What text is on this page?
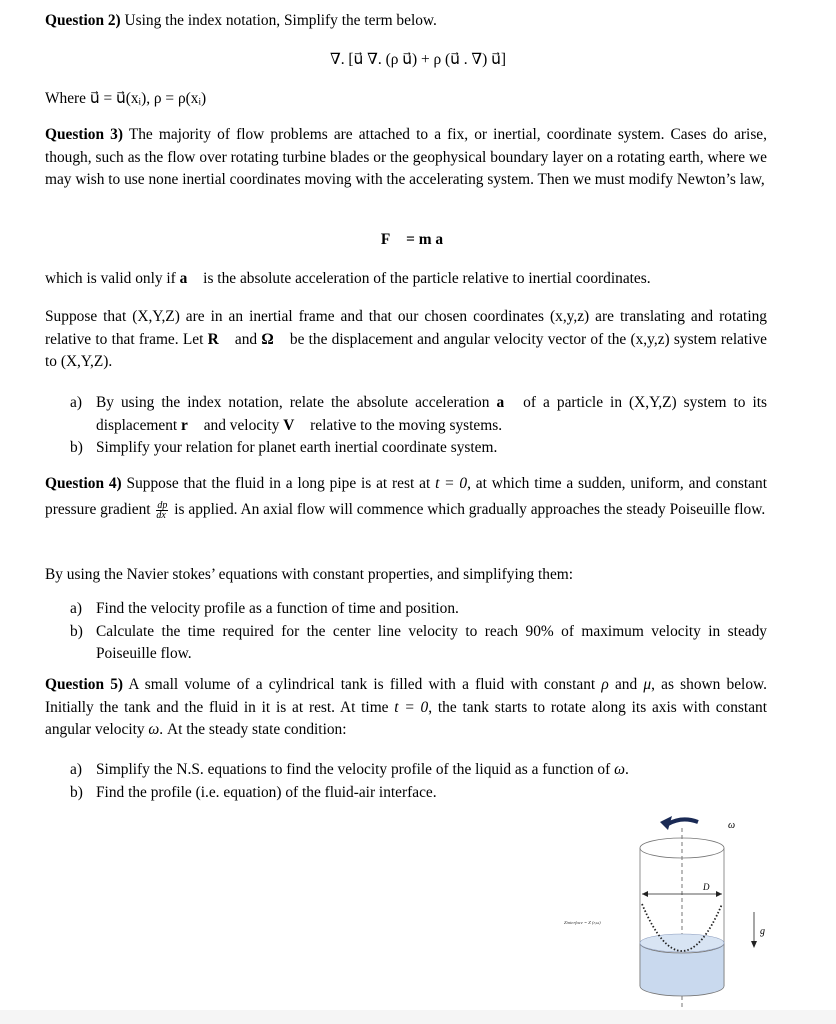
Question 2) Using the index notation, Simplify the term below.
∇. [u⃗ ∇. (ρ u⃗) + ρ (u⃗ . ∇) u⃗]
Where u⃗ = u⃗(xᵢ), ρ = ρ(xᵢ)
Question 3) The majority of flow problems are attached to a fix, or inertial, coordinate system. Cases do arise, though, such as the flow over rotating turbine blades or the geophysical boundary layer on a rotating earth, where we may wish to use none inertial coordinates moving with the accelerating system. Then we must modify Newton’s law,
F⃗ = m a⃗
which is valid only if a⃗ is the absolute acceleration of the particle relative to inertial coordinates.
Suppose that (X,Y,Z) are in an inertial frame and that our chosen coordinates (x,y,z) are translating and rotating relative to that frame. Let R⃗ and Ω⃗ be the displacement and angular velocity vector of the (x,y,z) system relative to (X,Y,Z).
a) By using the index notation, relate the absolute acceleration a⃗ of a particle in (X,Y,Z) system to its displacement r⃗ and velocity V⃗ relative to the moving systems.
b) Simplify your relation for planet earth inertial coordinate system.
Question 4) Suppose that the fluid in a long pipe is at rest at t = 0, at which time a sudden, uniform, and constant pressure gradient $\frac{dp}{dx}$ is applied. An axial flow will commence which gradually approaches the steady Poiseuille flow.
By using the Navier stokes’ equations with constant properties, and simplifying them:
a) Find the velocity profile as a function of time and position.
b) Calculate the time required for the center line velocity to reach 90% of maximum velocity in steady Poiseuille flow.
Question 5) A small volume of a cylindrical tank is filled with a fluid with constant ρ and μ, as shown below. Initially the tank and the fluid in it is at rest. At time t = 0, the tank starts to rotate along its axis with constant angular velocity ω. At the steady state condition:
a) Simplify the N.S. equations to find the velocity profile of the liquid as a function of ω.
b) Find the profile (i.e. equation) of the fluid-air interface.
ω
D
Zinterface = Z (r,ω)
g
